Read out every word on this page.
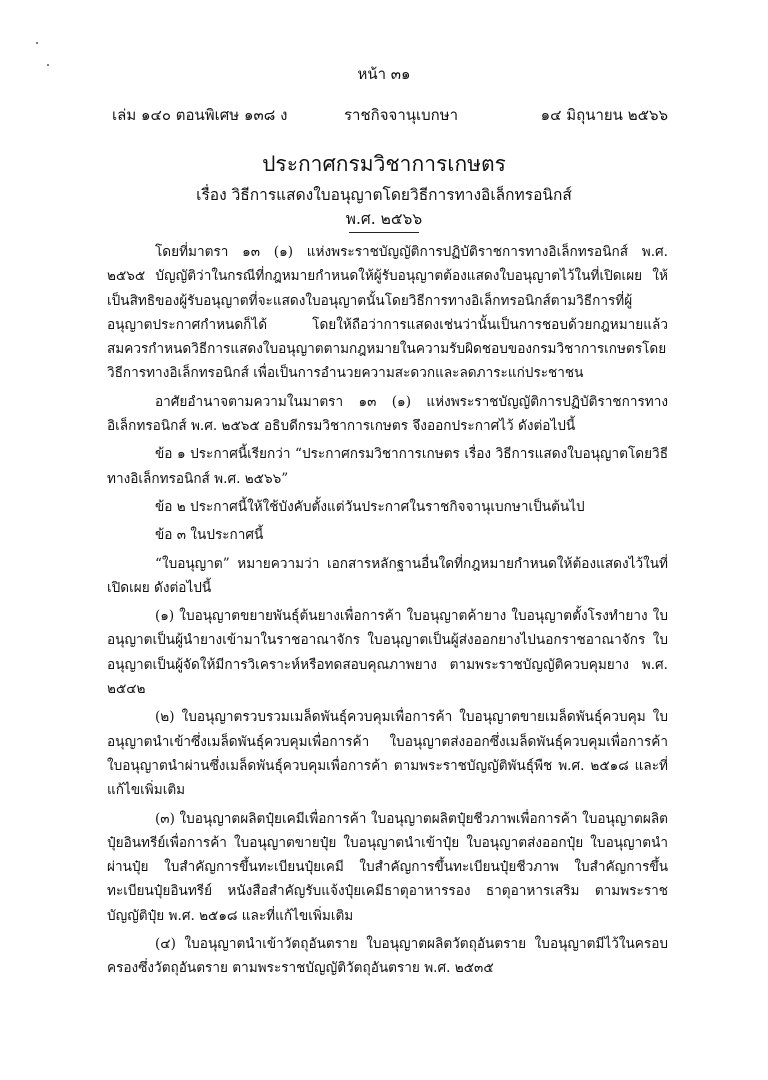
หน้า ๓๑
เล่ม ๑๔๐ ตอนพิเศษ ๑๓๘ ง	ราชกิจจานุเบกษา	๑๔ มิถุนายน ๒๕๖๖
ประกาศกรมวิชาการเกษตร
เรื่อง วิธีการแสดงใบอนุญาตโดยวิธีการทางอิเล็กทรอนิกส์
พ.ศ. ๒๕๖๖

โดยที่มาตรา ๑๓ (๑) แห่งพระราชบัญญัติการปฏิบัติราชการทางอิเล็กทรอนิกส์ พ.ศ. ๒๕๖๕ บัญญัติว่าในกรณีที่กฎหมายกำหนดให้ผู้รับอนุญาตต้องแสดงใบอนุญาตไว้ในที่เปิดเผย ให้เป็นสิทธิของผู้รับอนุญาตที่จะแสดงใบอนุญาตนั้นโดยวิธีการทางอิเล็กทรอนิกส์ตามวิธีการที่ผู้อนุญาตประกาศกำหนดก็ได้ โดยให้ถือว่าการแสดงเช่นว่านั้นเป็นการชอบด้วยกฎหมายแล้ว สมควรกำหนดวิธีการแสดงใบอนุญาตตามกฎหมายในความรับผิดชอบของกรมวิชาการเกษตรโดยวิธีการทางอิเล็กทรอนิกส์ เพื่อเป็นการอำนวยความสะดวกและลดภาระแก่ประชาชน

อาศัยอำนาจตามความในมาตรา ๑๓ (๑) แห่งพระราชบัญญัติการปฏิบัติราชการทางอิเล็กทรอนิกส์ พ.ศ. ๒๕๖๕ อธิบดีกรมวิชาการเกษตร จึงออกประกาศไว้ ดังต่อไปนี้

ข้อ ๑ ประกาศนี้เรียกว่า “ประกาศกรมวิชาการเกษตร เรื่อง วิธีการแสดงใบอนุญาตโดยวิธีทางอิเล็กทรอนิกส์ พ.ศ. ๒๕๖๖”

ข้อ ๒ ประกาศนี้ให้ใช้บังคับตั้งแต่วันประกาศในราชกิจจานุเบกษาเป็นต้นไป

ข้อ ๓ ในประกาศนี้

“ใบอนุญาต” หมายความว่า เอกสารหลักฐานอื่นใดที่กฎหมายกำหนดให้ต้องแสดงไว้ในที่เปิดเผย ดังต่อไปนี้

(๑) ใบอนุญาตขยายพันธุ์ต้นยางเพื่อการค้า ใบอนุญาตค้ายาง ใบอนุญาตตั้งโรงทำยาง ใบอนุญาตเป็นผู้นำยางเข้ามาในราชอาณาจักร ใบอนุญาตเป็นผู้ส่งออกยางไปนอกราชอาณาจักร ใบอนุญาตเป็นผู้จัดให้มีการวิเคราะห์หรือทดสอบคุณภาพยาง ตามพระราชบัญญัติควบคุมยาง พ.ศ. ๒๕๔๒

(๒) ใบอนุญาตรวบรวมเมล็ดพันธุ์ควบคุมเพื่อการค้า ใบอนุญาตขายเมล็ดพันธุ์ควบคุม ใบอนุญาตนำเข้าซึ่งเมล็ดพันธุ์ควบคุมเพื่อการค้า ใบอนุญาตส่งออกซึ่งเมล็ดพันธุ์ควบคุมเพื่อการค้า ใบอนุญาตนำผ่านซึ่งเมล็ดพันธุ์ควบคุมเพื่อการค้า ตามพระราชบัญญัติพันธุ์พืช พ.ศ. ๒๕๑๘ และที่แก้ไขเพิ่มเติม

(๓) ใบอนุญาตผลิตปุ๋ยเคมีเพื่อการค้า ใบอนุญาตผลิตปุ๋ยชีวภาพเพื่อการค้า ใบอนุญาตผลิตปุ๋ยอินทรีย์เพื่อการค้า ใบอนุญาตขายปุ๋ย ใบอนุญาตนำเข้าปุ๋ย ใบอนุญาตส่งออกปุ๋ย ใบอนุญาตนำผ่านปุ๋ย ใบสำคัญการขึ้นทะเบียนปุ๋ยเคมี ใบสำคัญการขึ้นทะเบียนปุ๋ยชีวภาพ ใบสำคัญการขึ้นทะเบียนปุ๋ยอินทรีย์ หนังสือสำคัญรับแจ้งปุ๋ยเคมีธาตุอาหารรอง ธาตุอาหารเสริม ตามพระราชบัญญัติปุ๋ย พ.ศ. ๒๕๑๘ และที่แก้ไขเพิ่มเติม

(๔) ใบอนุญาตนำเข้าวัตถุอันตราย ใบอนุญาตผลิตวัตถุอันตราย ใบอนุญาตมีไว้ในครอบครองซึ่งวัตถุอันตราย ตามพระราชบัญญัติวัตถุอันตราย พ.ศ. ๒๕๓๕
